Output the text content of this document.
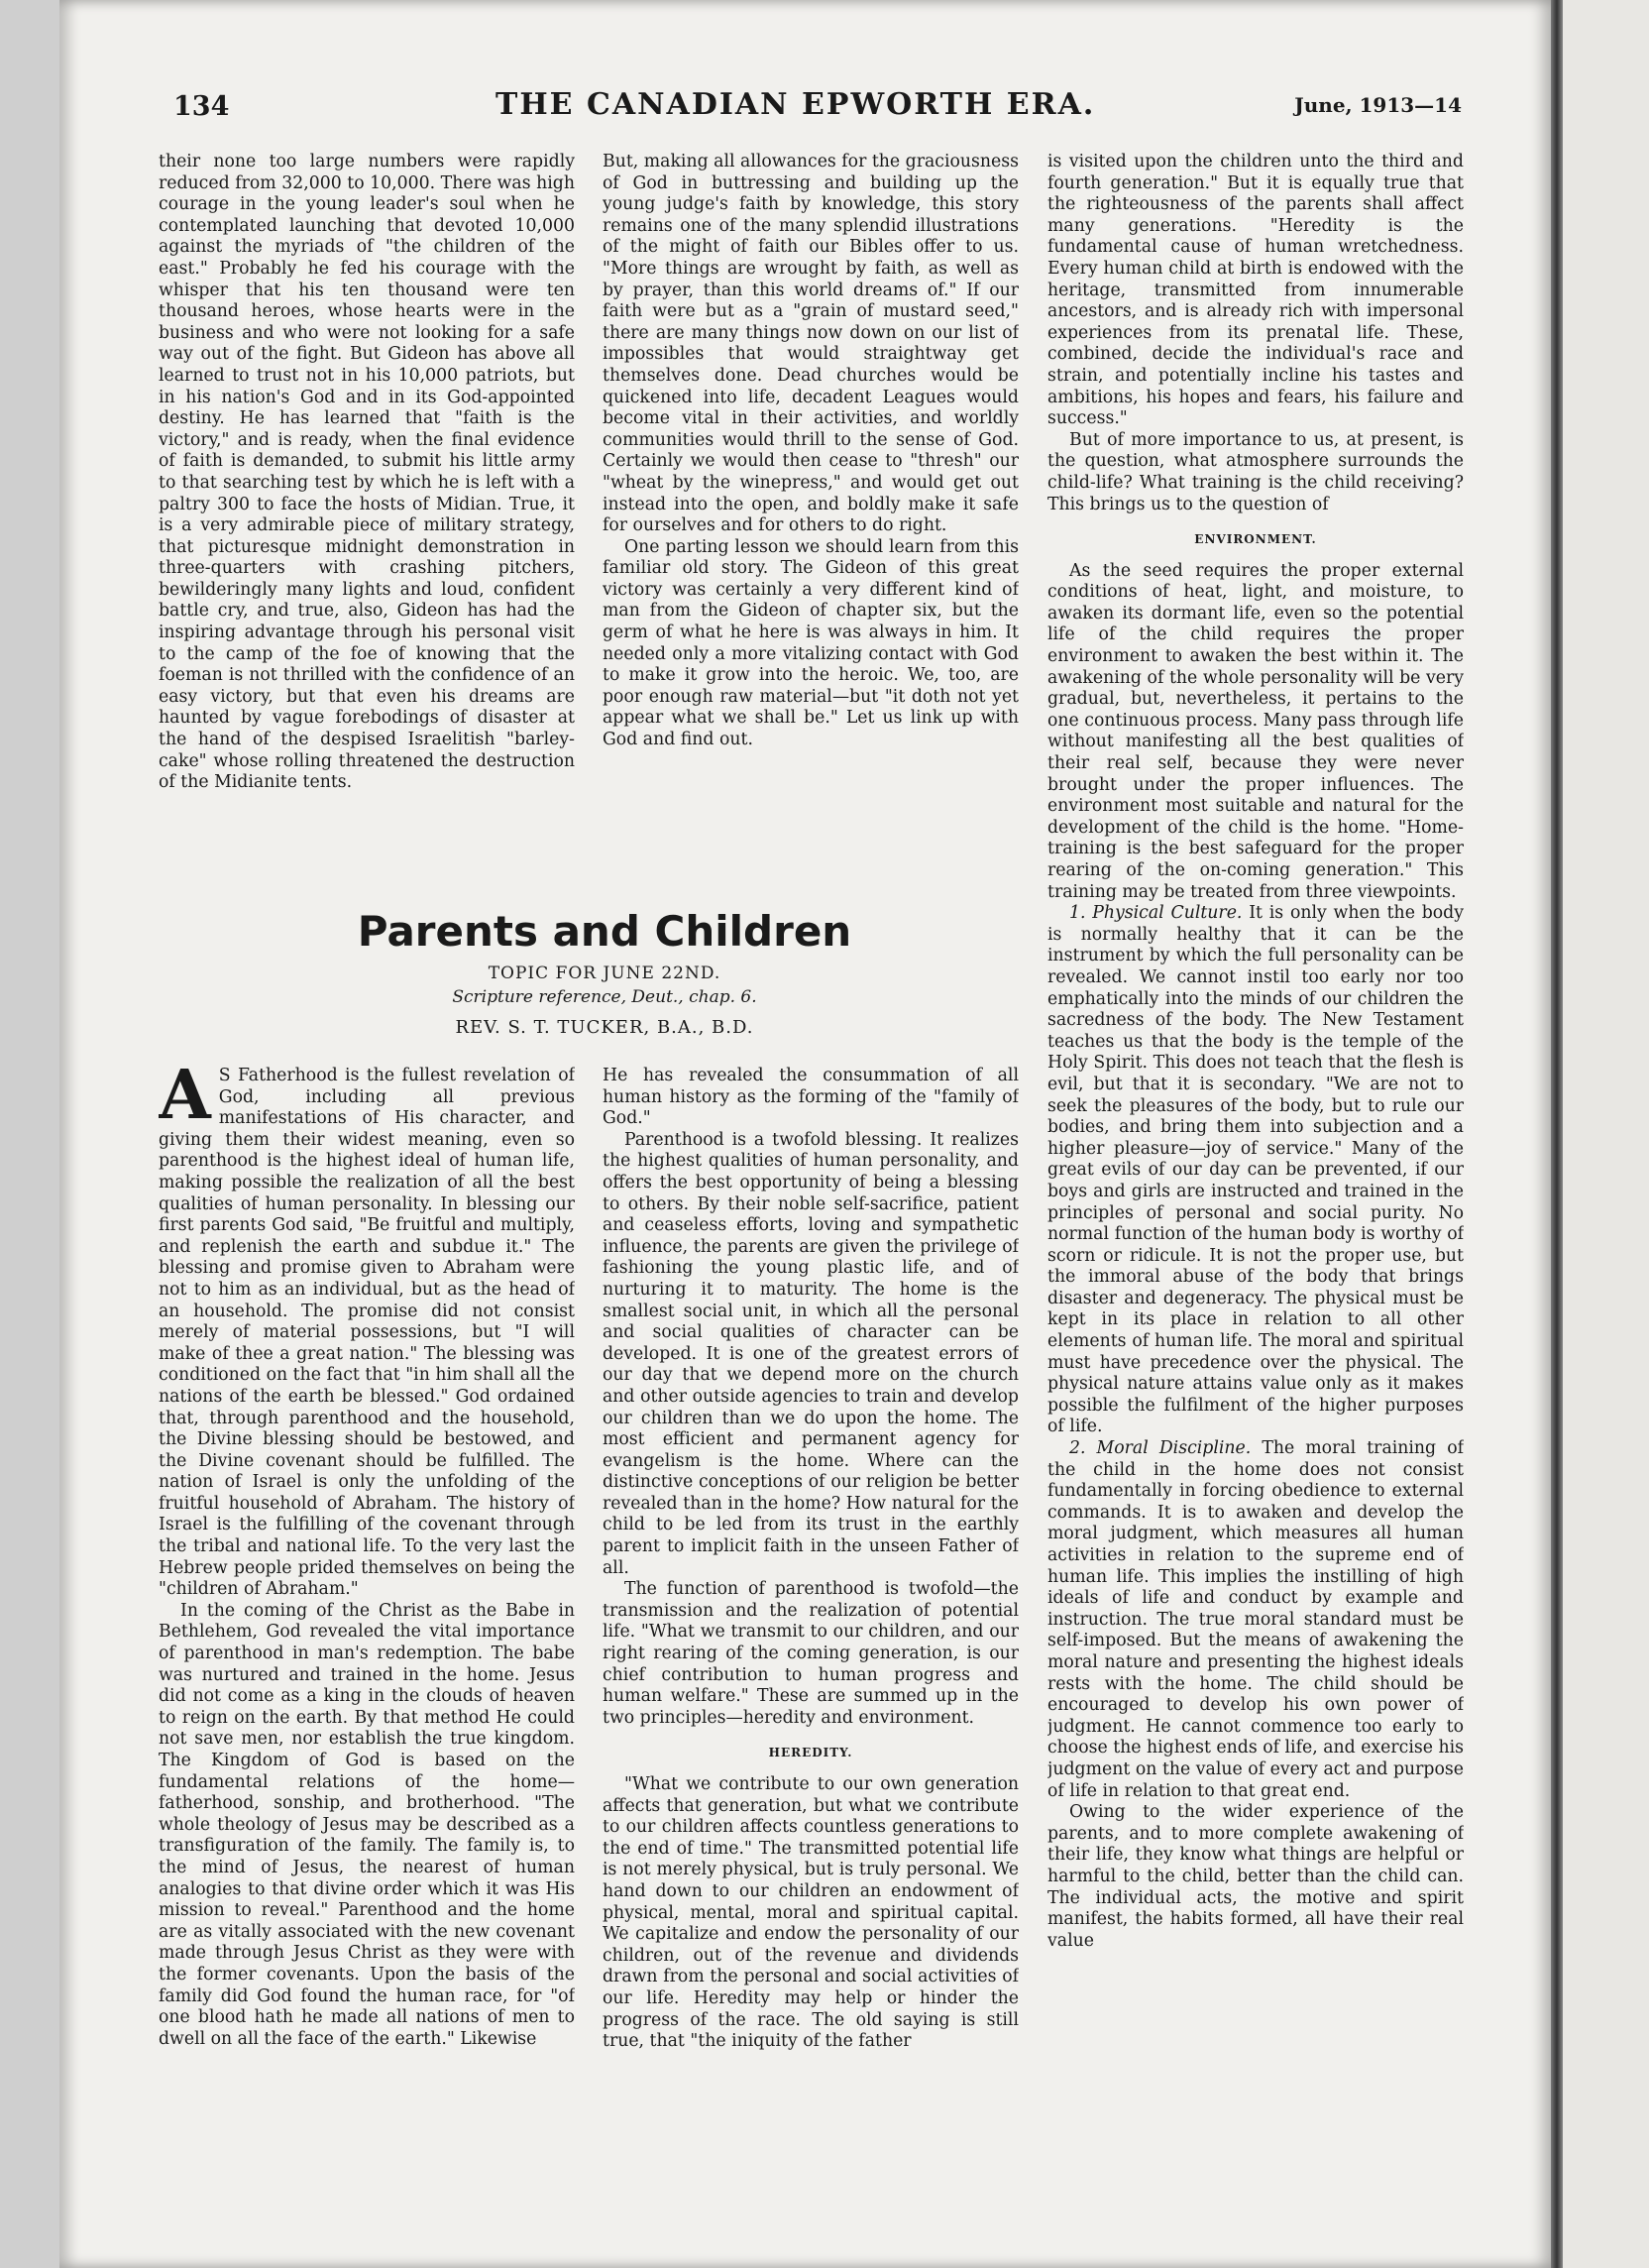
134	THE CANADIAN EPWORTH ERA.	June, 1913—14

their none too large numbers were rapidly reduced from 32,000 to 10,000. There was high courage in the young leader's soul when he contemplated launching that devoted 10,000 against the myriads of "the children of the east." Probably he fed his courage with the whisper that his ten thousand were ten thousand heroes, whose hearts were in the business and who were not looking for a safe way out of the fight. But Gideon has above all learned to trust not in his 10,000 patriots, but in his nation's God and in its God-appointed destiny. He has learned that "faith is the victory," and is ready, when the final evidence of faith is demanded, to submit his little army to that searching test by which he is left with a paltry 300 to face the hosts of Midian. True, it is a very admirable piece of military strategy, that picturesque midnight demonstration in three-quarters with crashing pitchers, bewilderingly many lights and loud, confident battle cry, and true, also, Gideon has had the inspiring advantage through his personal visit to the camp of the foe of knowing that the foeman is not thrilled with the confidence of an easy victory, but that even his dreams are haunted by vague forebodings of disaster at the hand of the despised Israelitish "barley-cake" whose rolling threatened the destruction of the Midianite tents.

But, making all allowances for the graciousness of God in buttressing and building up the young judge's faith by knowledge, this story remains one of the many splendid illustrations of the might of faith our Bibles offer to us. "More things are wrought by faith, as well as by prayer, than this world dreams of." If our faith were but as a "grain of mustard seed," there are many things now down on our list of impossibles that would straightway get themselves done. Dead churches would be quickened into life, decadent Leagues would become vital in their activities, and worldly communities would thrill to the sense of God. Certainly we would then cease to "thresh" our "wheat by the winepress," and would get out instead into the open, and boldly make it safe for ourselves and for others to do right.

One parting lesson we should learn from this familiar old story. The Gideon of this great victory was certainly a very different kind of man from the Gideon of chapter six, but the germ of what he here is was always in him. It needed only a more vitalizing contact with God to make it grow into the heroic. We, too, are poor enough raw material—but "it doth not yet appear what we shall be." Let us link up with God and find out.

Parents and Children
TOPIC FOR JUNE 22ND.
Scripture reference, Deut., chap. 6.
REV. S. T. TUCKER, B.A., B.D.

A S Fatherhood is the fullest revelation of God, including all previous manifestations of His character, and giving them their widest meaning, even so parenthood is the highest ideal of human life, making possible the realization of all the best qualities of human personality. In blessing our first parents God said, "Be fruitful and multiply, and replenish the earth and subdue it." The blessing and promise given to Abraham were not to him as an individual, but as the head of an household. The promise did not consist merely of material possessions, but "I will make of thee a great nation." The blessing was conditioned on the fact that "in him shall all the nations of the earth be blessed." God ordained that, through parenthood and the household, the Divine blessing should be bestowed, and the Divine covenant should be fulfilled. The nation of Israel is only the unfolding of the fruitful household of Abraham. The history of Israel is the fulfilling of the covenant through the tribal and national life. To the very last the Hebrew people prided themselves on being the "children of Abraham."

In the coming of the Christ as the Babe in Bethlehem, God revealed the vital importance of parenthood in man's redemption. The babe was nurtured and trained in the home. Jesus did not come as a king in the clouds of heaven to reign on the earth. By that method He could not save men, nor establish the true kingdom. The Kingdom of God is based on the fundamental relations of the home—fatherhood, sonship, and brotherhood. "The whole theology of Jesus may be described as a transfiguration of the family. The family is, to the mind of Jesus, the nearest of human analogies to that divine order which it was His mission to reveal." Parenthood and the home are as vitally associated with the new covenant made through Jesus Christ as they were with the former covenants. Upon the basis of the family did God found the human race, for "of one blood hath he made all nations of men to dwell on all the face of the earth." Likewise

He has revealed the consummation of all human history as the forming of the "family of God."

Parenthood is a twofold blessing. It realizes the highest qualities of human personality, and offers the best opportunity of being a blessing to others. By their noble self-sacrifice, patient and ceaseless efforts, loving and sympathetic influence, the parents are given the privilege of fashioning the young plastic life, and of nurturing it to maturity. The home is the smallest social unit, in which all the personal and social qualities of character can be developed. It is one of the greatest errors of our day that we depend more on the church and other outside agencies to train and develop our children than we do upon the home. The most efficient and permanent agency for evangelism is the home. Where can the distinctive conceptions of our religion be better revealed than in the home? How natural for the child to be led from its trust in the earthly parent to implicit faith in the unseen Father of all.

The function of parenthood is twofold—the transmission and the realization of potential life. "What we transmit to our children, and our right rearing of the coming generation, is our chief contribution to human progress and human welfare." These are summed up in the two principles—heredity and environment.

HEREDITY.

"What we contribute to our own generation affects that generation, but what we contribute to our children affects countless generations to the end of time." The transmitted potential life is not merely physical, but is truly personal. We hand down to our children an endowment of physical, mental, moral and spiritual capital. We capitalize and endow the personality of our children, out of the revenue and dividends drawn from the personal and social activities of our life. Heredity may help or hinder the progress of the race. The old saying is still true, that "the iniquity of the father

is visited upon the children unto the third and fourth generation." But it is equally true that the righteousness of the parents shall affect many generations. "Heredity is the fundamental cause of human wretchedness. Every human child at birth is endowed with the heritage, transmitted from innumerable ancestors, and is already rich with impersonal experiences from its prenatal life. These, combined, decide the individual's race and strain, and potentially incline his tastes and ambitions, his hopes and fears, his failure and success."

But of more importance to us, at present, is the question, what atmosphere surrounds the child-life? What training is the child receiving? This brings us to the question of

ENVIRONMENT.

As the seed requires the proper external conditions of heat, light, and moisture, to awaken its dormant life, even so the potential life of the child requires the proper environment to awaken the best within it. The awakening of the whole personality will be very gradual, but, nevertheless, it pertains to the one continuous process. Many pass through life without manifesting all the best qualities of their real self, because they were never brought under the proper influences. The environment most suitable and natural for the development of the child is the home. "Home-training is the best safeguard for the proper rearing of the on-coming generation." This training may be treated from three viewpoints.

1. Physical Culture. It is only when the body is normally healthy that it can be the instrument by which the full personality can be revealed. We cannot instil too early nor too emphatically into the minds of our children the sacredness of the body. The New Testament teaches us that the body is the temple of the Holy Spirit. This does not teach that the flesh is evil, but that it is secondary. "We are not to seek the pleasures of the body, but to rule our bodies, and bring them into subjection and a higher pleasure—joy of service." Many of the great evils of our day can be prevented, if our boys and girls are instructed and trained in the principles of personal and social purity. No normal function of the human body is worthy of scorn or ridicule. It is not the proper use, but the immoral abuse of the body that brings disaster and degeneracy. The physical must be kept in its place in relation to all other elements of human life. The moral and spiritual must have precedence over the physical. The physical nature attains value only as it makes possible the fulfilment of the higher purposes of life.

2. Moral Discipline. The moral training of the child in the home does not consist fundamentally in forcing obedience to external commands. It is to awaken and develop the moral judgment, which measures all human activities in relation to the supreme end of human life. This implies the instilling of high ideals of life and conduct by example and instruction. The true moral standard must be self-imposed. But the means of awakening the moral nature and presenting the highest ideals rests with the home. The child should be encouraged to develop his own power of judgment. He cannot commence too early to choose the highest ends of life, and exercise his judgment on the value of every act and purpose of life in relation to that great end.

Owing to the wider experience of the parents, and to more complete awakening of their life, they know what things are helpful or harmful to the child, better than the child can. The individual acts, the motive and spirit manifest, the habits formed, all have their real value
